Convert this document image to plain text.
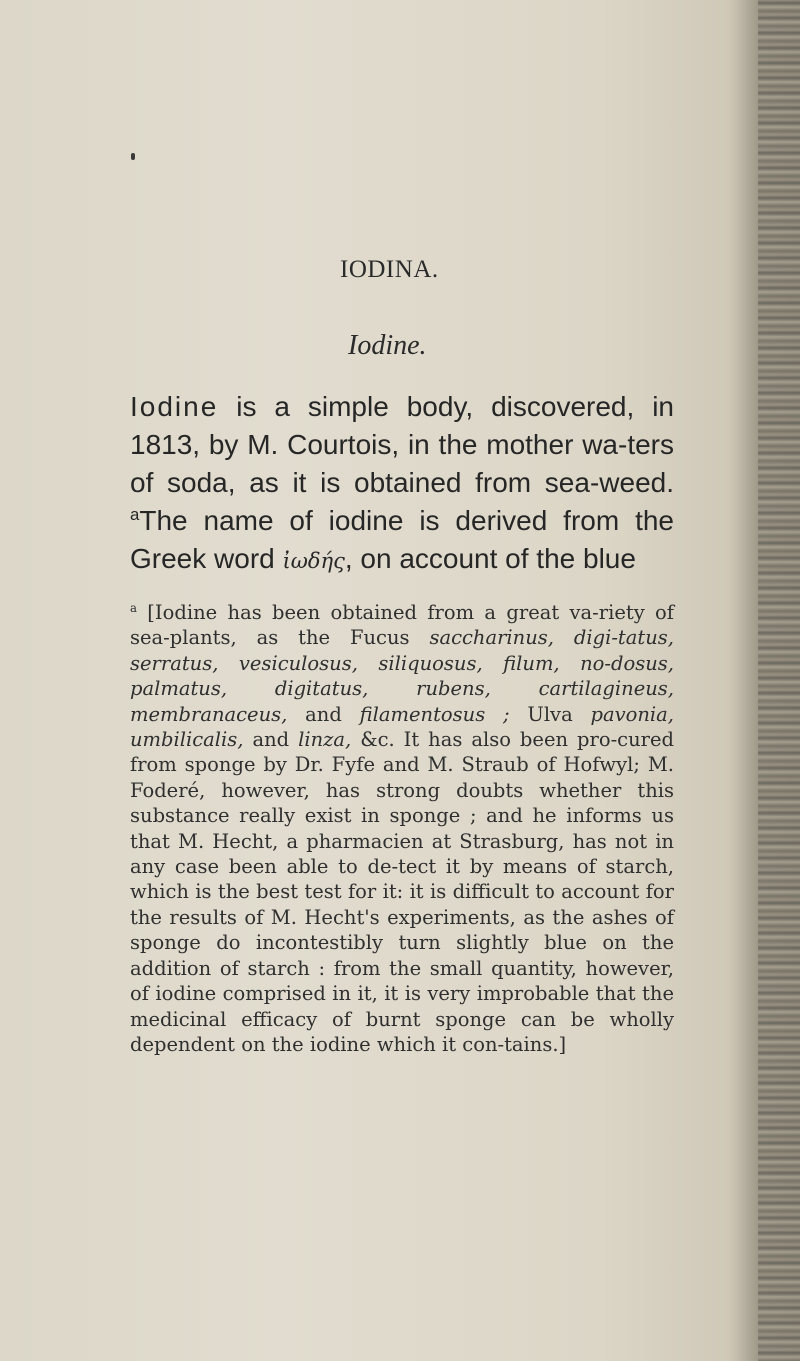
IODINA.
Iodine.

Iodine is a simple body, discovered, in 1813, by M. Courtois, in the mother wa-ters of soda, as it is obtained from sea-weed. $^a$The name of iodine is derived from the Greek word ἰωδής, on account of the blue

$^a$ [Iodine has been obtained from a great va-riety of sea-plants, as the Fucus saccharinus, digi-tatus, serratus, vesiculosus, siliquosus, filum, no-dosus, palmatus, digitatus, rubens, cartilagineus, membranaceus, and filamentosus ; Ulva pavonia, umbilicalis, and linza, &c. It has also been pro-cured from sponge by Dr. Fyfe and M. Straub of Hofwyl; M. Foderé, however, has strong doubts whether this substance really exist in sponge ; and he informs us that M. Hecht, a pharmacien at Strasburg, has not in any case been able to de-tect it by means of starch, which is the best test for it: it is difficult to account for the results of M. Hecht's experiments, as the ashes of sponge do incontestibly turn slightly blue on the addition of starch : from the small quantity, however, of iodine comprised in it, it is very improbable that the medicinal efficacy of burnt sponge can be wholly dependent on the iodine which it con-tains.]
